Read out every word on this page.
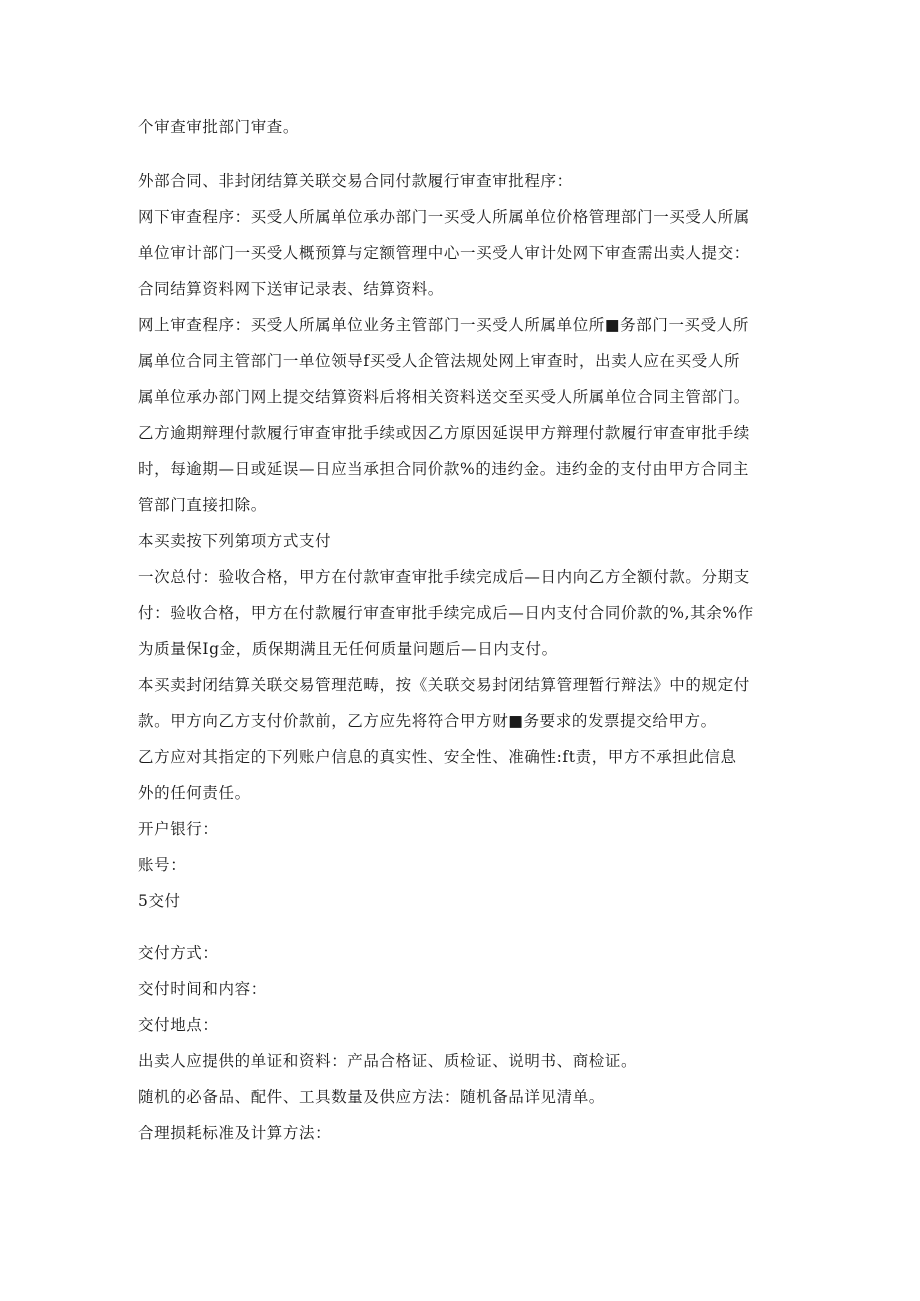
个审查审批部门审查。
外部合同、非封闭结算关联交易合同付款履行审查审批程序：
网下审查程序：买受人所属单位承办部门一买受人所属单位价格管理部门一买受人所属
单位审计部门一买受人概预算与定额管理中心一买受人审计处网下审查需出卖人提交：
合同结算资料网下送审记录表、结算资料。
网上审查程序：买受人所属单位业务主管部门一买受人所属单位所■务部门一买受人所
属单位合同主管部门一单位领导f买受人企管法规处网上审查时，出卖人应在买受人所
属单位承办部门网上提交结算资料后将相关资料送交至买受人所属单位合同主管部门。
乙方逾期辩理付款履行审查审批手续或因乙方原因延误甲方辩理付款履行审查审批手续
时，每逾期—日或延误—日应当承担合同价款%的违约金。违约金的支付由甲方合同主
管部门直接扣除。
本买卖按下列第项方式支付
一次总付：验收合格，甲方在付款审查审批手续完成后—日内向乙方全额付款。分期支
付：验收合格，甲方在付款履行审查审批手续完成后—日内支付合同价款的%,其余%作
为质量保Ig金，质保期满且无任何质量问题后—日内支付。
本买卖封闭结算关联交易管理范畴，按《关联交易封闭结算管理暂行辩法》中的规定付
款。甲方向乙方支付价款前，乙方应先将符合甲方财■务要求的发票提交给甲方。
乙方应对其指定的下列账户信息的真实性、安全性、准确性:ft责，甲方不承担此信息
外的任何责任。
开户银行：
账号：
5交付
交付方式：
交付时间和内容：
交付地点：
出卖人应提供的单证和资料：产品合格证、质检证、说明书、商检证。
随机的必备品、配件、工具数量及供应方法：随机备品详见清单。
合理损耗标准及计算方法：
